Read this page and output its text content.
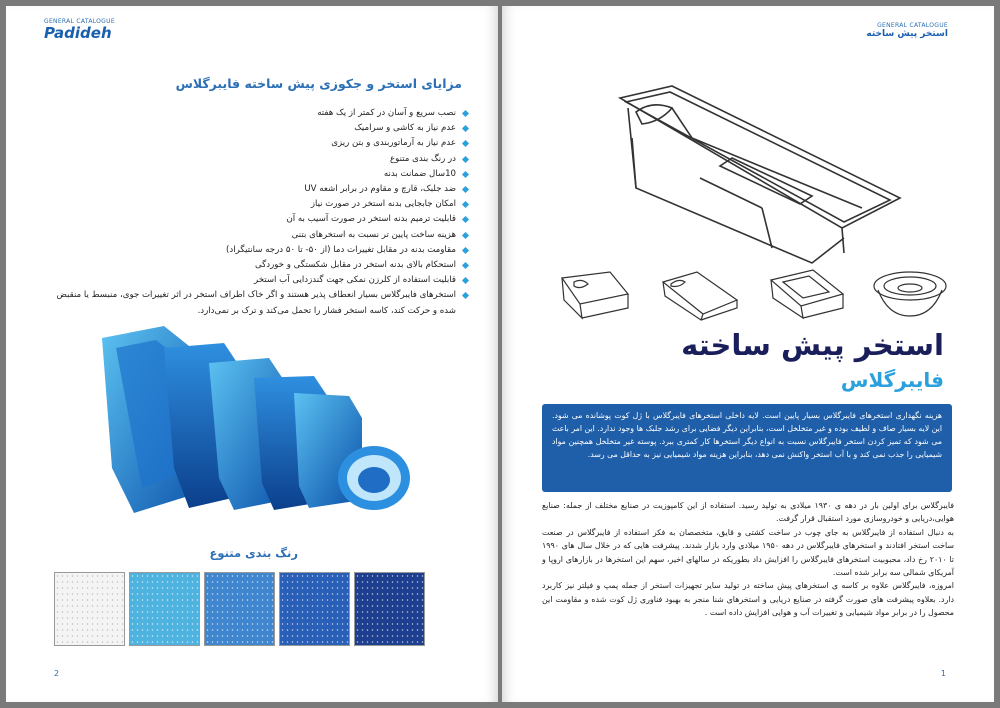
GENERAL CATALOGUE
Padideh
مزایای استخر و جکوزی پیش ساخته فایبرگلاس
نصب سریع و آسان در کمتر از یک هفته
عدم نیاز به کاشی و سرامیک
عدم نیاز به آرماتوربندی و بتن ریزی
در رنگ بندی متنوع
10سال ضمانت بدنه
ضد جلبک، قارچ و مقاوم در برابر اشعه UV
امکان جابجایی بدنه استخر در صورت نیاز
قابلیت ترمیم بدنه استخر در صورت آسیب به آن
هزینه ساخت پایین تر نسبت به استخرهای بتنی
مقاومت بدنه در مقابل تغییرات دما (از ۵۰- تا ۵۰ درجه سانتیگراد)
استحکام بالای بدنه استخر در مقابل شکستگی و خوردگی
قابلیت استفاده از کلرزن نمکی جهت گندزدایی آب استخر
استخرهای فایبرگلاس بسیار انعطاف پذیر هستند و اگر خاک اطراف استخر در اثر تغییرات جوی، منبسط یا منقبض شده و حرکت کند، کاسه استخر فشار را تحمل می‌کند و ترک بر نمی‌دارد.
رنگ بندی متنوع
2
GENERAL CATALOGUE
استخر پیش ساخته
استخر پیش ساخته
فایبرگلاس
هزینه نگهداری استخرهای فایبرگلاس بسیار پایین است. لایه داخلی استخرهای فایبرگلاس با ژل کوت پوشانده می شود. این لایه بسیار صاف و لطیف بوده و غیر متخلخل است، بنابراین دیگر فضایی برای رشد جلبک ها وجود ندارد. این امر باعث می شود که تمیز کردن استخر فایبرگلاس نسبت به انواع دیگر استخرها کار کمتری ببرد. پوسته غیر متخلخل همچنین مواد شیمیایی را جذب نمی کند و با آب استخر واکنش نمی دهد، بنابراین هزینه مواد شیمیایی نیز به حداقل می رسد.

فایبرگلاس برای اولین بار در دهه ی ۱۹۳۰ میلادی به تولید رسید. استفاده از این کامپوزیت در صنایع مختلف از جمله: صنایع هوایی،دریایی و خودروسازی مورد استقبال قرار گرفت.

به دنبال استفاده از فایبرگلاس به جای چوب در ساخت کشتی و قایق، متخصصان به فکر استفاده از فایبرگلاس در صنعت ساخت استخر افتادند و استخرهای فایبرگلاس در دهه ۱۹۵۰ میلادی وارد بازار شدند. پیشرفت هایی که در خلال سال های ۱۹۹۰ تا ۲۰۱۰ رخ داد، محبوبیت استخرهای فایبرگلاس را افزایش داد بطوریکه در سالهای اخیر، سهم این استخرها در بازارهای اروپا و آمریکای شمالی سه برابر شده است.

امروزه، فایبرگلاس علاوه بر کاسه ی استخرهای پیش ساخته در تولید سایر تجهیزات استخر از جمله پمپ و فیلتر نیز کاربرد دارد. بعلاوه پیشرفت های صورت گرفته در صنایع دریایی و استخرهای شنا منجر به بهبود فناوری ژل کوت شده و مقاومت این محصول را در برابر مواد شیمیایی و تغییرات آب و هوایی افزایش داده است .

1
